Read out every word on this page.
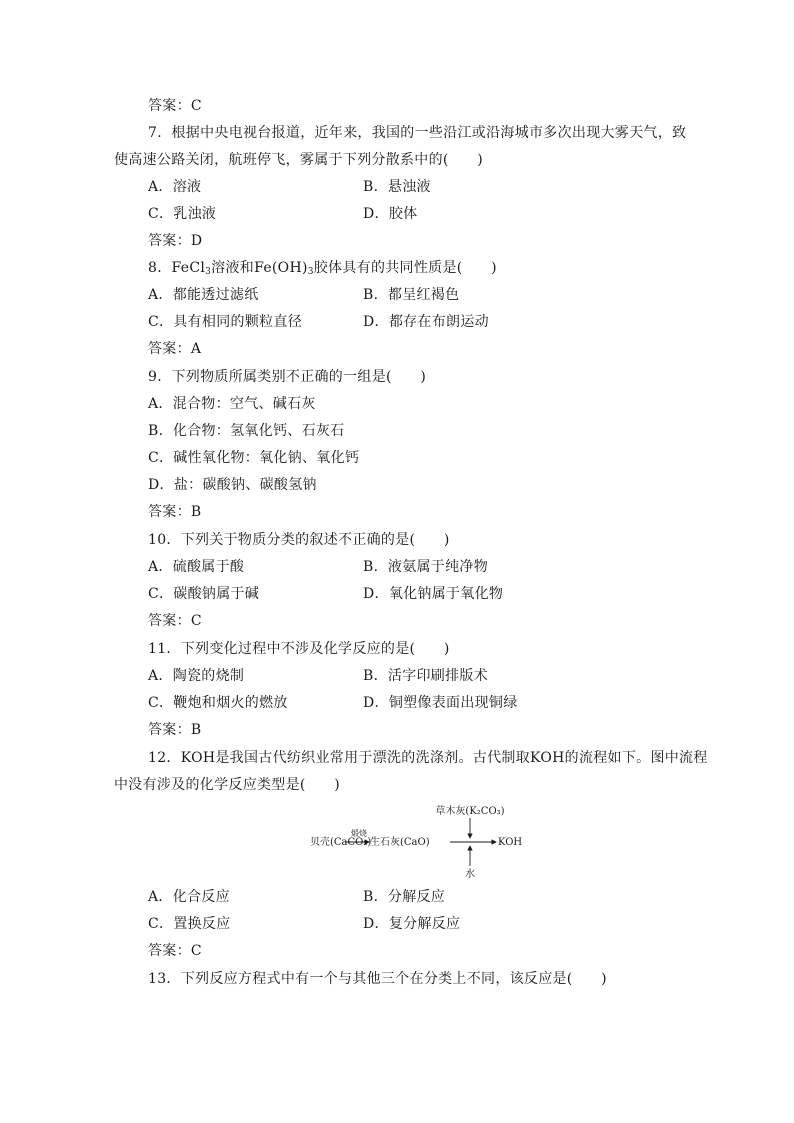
答案：C
7．根据中央电视台报道，近年来，我国的一些沿江或沿海城市多次出现大雾天气，致
使高速公路关闭，航班停飞，雾属于下列分散系中的(　　)
A．溶液	B．悬浊液
C．乳浊液	D．胶体
答案：D
8．FeCl$_3$溶液和$Fe(OH)_3$胶体具有的共同性质是(　　)
A．都能透过滤纸	B．都呈红褐色
C．具有相同的颗粒直径	D．都存在布朗运动
答案：A
9．下列物质所属类别不正确的一组是(　　)
A．混合物：空气、碱石灰
B．化合物：氢氧化钙、石灰石
C．碱性氧化物：氧化钠、氧化钙
D．盐：碳酸钠、碳酸氢钠
答案：B
10．下列关于物质分类的叙述不正确的是(　　)
A．硫酸属于酸	B．液氨属于纯净物
C．碳酸钠属于碱	D．氧化钠属于氧化物
答案：C
11．下列变化过程中不涉及化学反应的是(　　)
A．陶瓷的烧制	B．活字印刷排版术
C．鞭炮和烟火的燃放	D．铜塑像表面出现铜绿
答案：B
12．KOH是我国古代纺织业常用于漂洗的洗涤剂。古代制取KOH的流程如下。图中流程
中没有涉及的化学反应类型是(　　)
草木灰(K₂CO₃)
贝壳(CaCO₃)
煅烧
生石灰(CaO)	KOH
水
A．化合反应	B．分解反应
C．置换反应	D．复分解反应
答案：C
13．下列反应方程式中有一个与其他三个在分类上不同，该反应是(　　)
